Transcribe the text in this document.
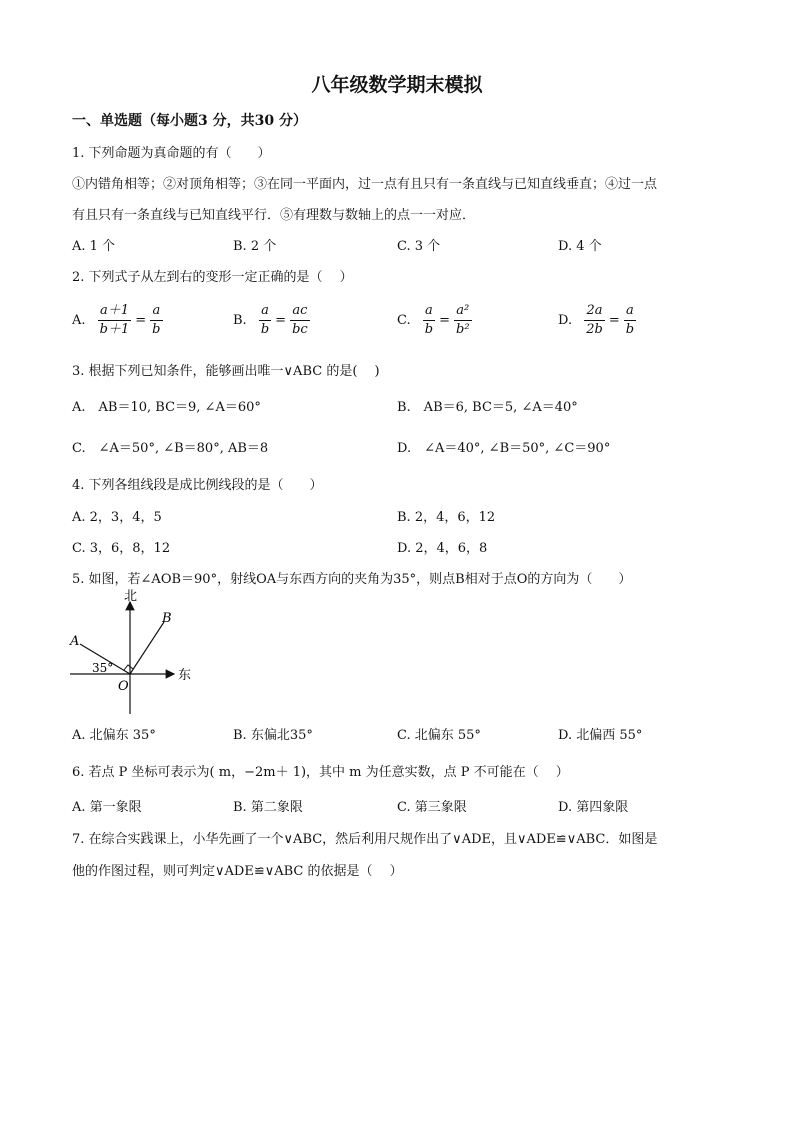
八年级数学期末模拟
一、单选题（每小题3 分，共30 分）
1. 下列命题为真命题的有（　　）
①内错角相等；②对顶角相等；③在同一平面内，过一点有且只有一条直线与已知直线垂直；④过一点
有且只有一条直线与已知直线平行．⑤有理数与数轴上的点一一对应．
A. 1 个	B. 2 个	C. 3 个	D. 4 个
2. 下列式子从左到右的变形一定正确的是（　 ）
A. $\frac{a+1}{b+1} = \frac{a}{b}$	B. $\frac{a}{b} = \frac{ac}{bc}$	C. $\frac{a}{b} = \frac{\text{a²}}{\text{b²}}$	D. $\frac{2a}{2b} = \frac{a}{b}$
3. 根据下列已知条件，能够画出唯一∨ABC 的是(　 )
A.　AB＝10, BC＝9, ∠A＝60°	B.　AB＝6, BC＝5, ∠A＝40°
C.　∠A＝50°, ∠B＝80°, AB＝8	D.　∠A＝40°, ∠B＝50°, ∠C＝90°
4. 下列各组线段是成比例线段的是（　　）
A. 2，3，4，5	B. 2，4，6，12
C. 3，6，8，12	D. 2，4，6，8
5. 如图，若∠AOB＝90°，射线OA与东西方向的夹角为35°，则点B相对于点O的方向为（　　）
北
东
A
B
O
35°
A. 北偏东 35°	B. 东偏北35°	C. 北偏东 55°	D. 北偏西 55°
6. 若点 P 坐标可表示为( m，−2m＋ 1)，其中 m 为任意实数，点 P 不可能在（　 ）
A. 第一象限	B. 第二象限	C. 第三象限	D. 第四象限
7. 在综合实践课上，小华先画了一个∨ABC，然后利用尺规作出了∨ADE，且∨ADE≌∨ABC．如图是
他的作图过程，则可判定∨ADE≌∨ABC 的依据是（　 ）
